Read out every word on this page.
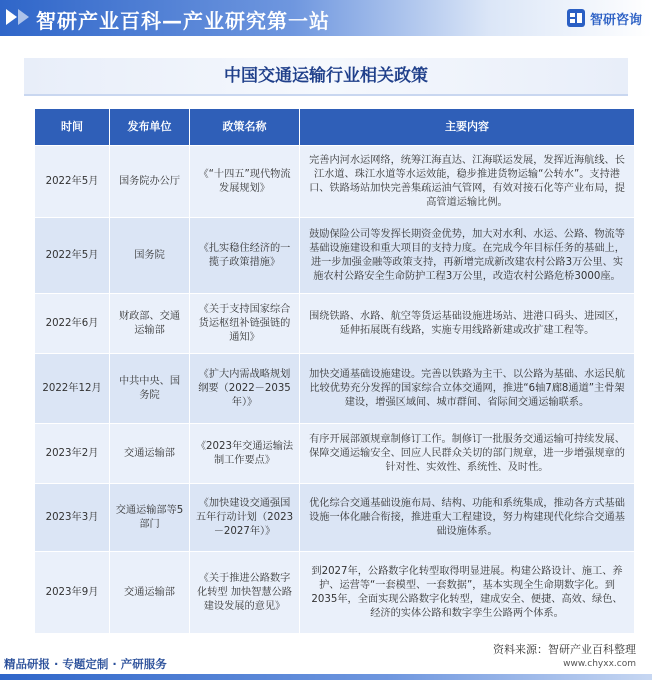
智研产业百科—产业研究第一站	智研咨询
中国交通运输行业相关政策
时间	发布单位	政策名称	主要内容
2022年5月	国务院办公厅	《“十四五”现代物流发展规划》	完善内河水运网络，统筹江海直达、江海联运发展，发挥近海航线、长江水道、珠江水道等水运效能，稳步推进货物运输“公转水”。支持港口、铁路场站加快完善集疏运油气管网，有效对接石化等产业布局，提高管道运输比例。
2022年5月	国务院	《扎实稳住经济的一揽子政策措施》	鼓励保险公司等发挥长期资金优势，加大对水利、水运、公路、物流等基础设施建设和重大项目的支持力度。在完成今年目标任务的基础上，进一步加强金融等政策支持，再新增完成新改建农村公路3万公里、实施农村公路安全生命防护工程3万公里，改造农村公路危桥3000座。
2022年6月	财政部、交通运输部	《关于支持国家综合货运枢纽补链强链的通知》	围绕铁路、水路、航空等货运基础设施进场站、进港口码头、进园区，延伸拓展既有线路，实施专用线路新建或改扩建工程等。
2022年12月	中共中央、国务院	《扩大内需战略规划纲要（2022－2035年）》	加快交通基础设施建设。完善以铁路为主干、以公路为基础、水运民航比较优势充分发挥的国家综合立体交通网，推进“6轴7廊8通道”主骨架建设，增强区域间、城市群间、省际间交通运输联系。
2023年2月	交通运输部	《2023年交通运输法制工作要点》	有序开展部颁规章制修订工作。制修订一批服务交通运输可持续发展、保障交通运输安全、回应人民群众关切的部门规章，进一步增强规章的针对性、实效性、系统性、及时性。
2023年3月	交通运输部等5部门	《加快建设交通强国五年行动计划（2023－2027年）》	优化综合交通基础设施布局、结构、功能和系统集成，推动各方式基础设施一体化融合衔接，推进重大工程建设，努力构建现代化综合交通基础设施体系。
2023年9月	交通运输部	《关于推进公路数字化转型 加快智慧公路建设发展的意见》	到2027年，公路数字化转型取得明显进展。构建公路设计、施工、养护、运营等“一套模型、一套数据”，基本实现全生命期数字化。到2035年，全面实现公路数字化转型，建成安全、便捷、高效、绿色、经济的实体公路和数字孪生公路两个体系。
资料来源：智研产业百科整理
www.chyxx.com
精品研报 · 专题定制 · 产研服务
